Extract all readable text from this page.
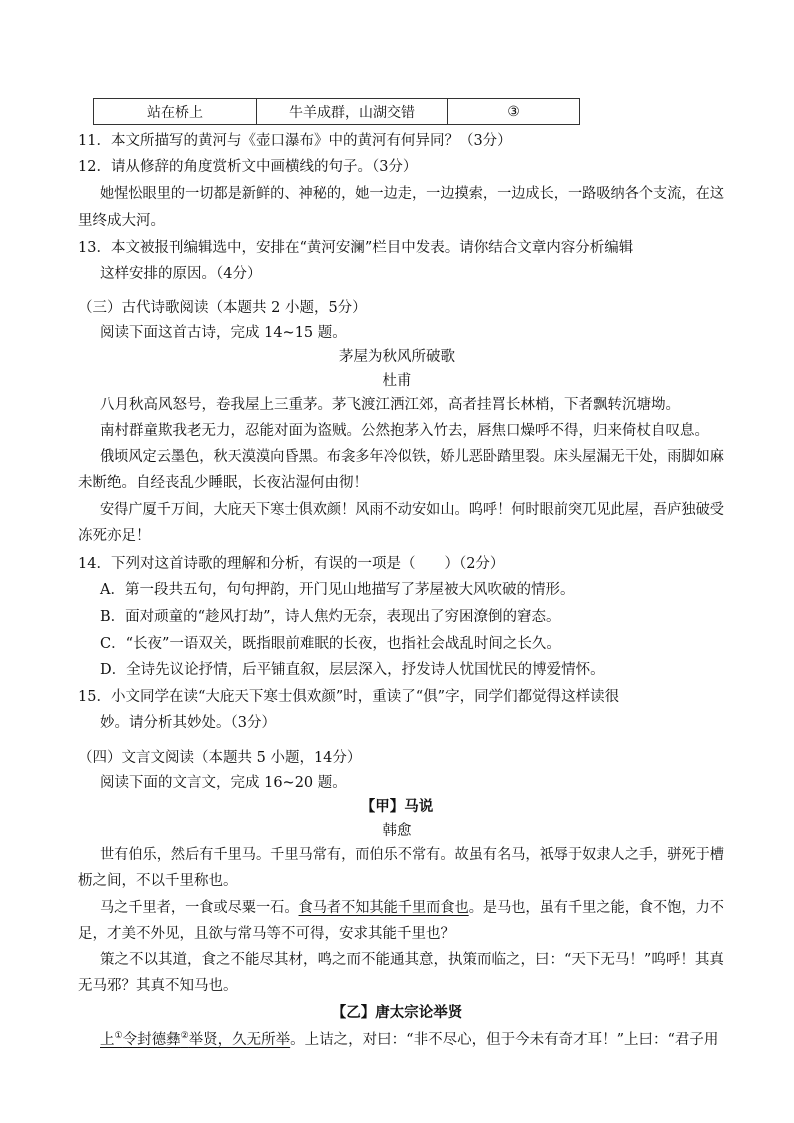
站在桥上	牛羊成群，山湖交错	③
11．本文所描写的黄河与《壶口瀑布》中的黄河有何异同？（3分）
12．请从修辞的角度赏析文中画横线的句子。（3分）
她惺忪眼里的一切都是新鲜的、神秘的，她一边走，一边摸索，一边成长，一路吸纳各个支流，在这
里终成大河。
13．本文被报刊编辑选中，安排在“黄河安澜”栏目中发表。请你结合文章内容分析编辑
这样安排的原因。（4分）
（三）古代诗歌阅读（本题共 2 小题，5分）
阅读下面这首古诗，完成 14~15 题。
茅屋为秋风所破歌
杜甫
八月秋高风怒号，卷我屋上三重茅。茅飞渡江洒江郊，高者挂罥长林梢，下者飘转沉塘坳。
南村群童欺我老无力，忍能对面为盗贼。公然抱茅入竹去，唇焦口燥呼不得，归来倚杖自叹息。
俄顷风定云墨色，秋天漠漠向昏黑。布衾多年冷似铁，娇儿恶卧踏里裂。床头屋漏无干处，雨脚如麻
未断绝。自经丧乱少睡眠，长夜沾湿何由彻！
安得广厦千万间，大庇天下寒士俱欢颜！风雨不动安如山。呜呼！何时眼前突兀见此屋，吾庐独破受
冻死亦足！
14．下列对这首诗歌的理解和分析，有误的一项是（　　）（2分）
A．第一段共五句，句句押韵，开门见山地描写了茅屋被大风吹破的情形。
B．面对顽童的“趁风打劫”，诗人焦灼无奈，表现出了穷困潦倒的窘态。
C．“长夜”一语双关，既指眼前难眠的长夜，也指社会战乱时间之长久。
D．全诗先议论抒情，后平铺直叙，层层深入，抒发诗人忧国忧民的博爱情怀。
15．小文同学在读“大庇天下寒士俱欢颜”时，重读了“俱”字，同学们都觉得这样读很
妙。请分析其妙处。（3分）
（四）文言文阅读（本题共 5 小题，14分）
阅读下面的文言文，完成 16~20 题。
【甲】马说
韩愈
世有伯乐，然后有千里马。千里马常有，而伯乐不常有。故虽有名马，祇辱于奴隶人之手，骈死于槽
枥之间，不以千里称也。
马之千里者，一食或尽粟一石。食马者不知其能千里而食也。是马也，虽有千里之能，食不饱，力不
足，才美不外见，且欲与常马等不可得，安求其能千里也？
策之不以其道，食之不能尽其材，鸣之而不能通其意，执策而临之，曰：“天下无马！”呜呼！其真
无马邪？其真不知马也。
【乙】唐太宗论举贤
上①令封德彝②举贤，久无所举。上诘之，对曰：“非不尽心，但于今未有奇才耳！”上曰：“君子用
